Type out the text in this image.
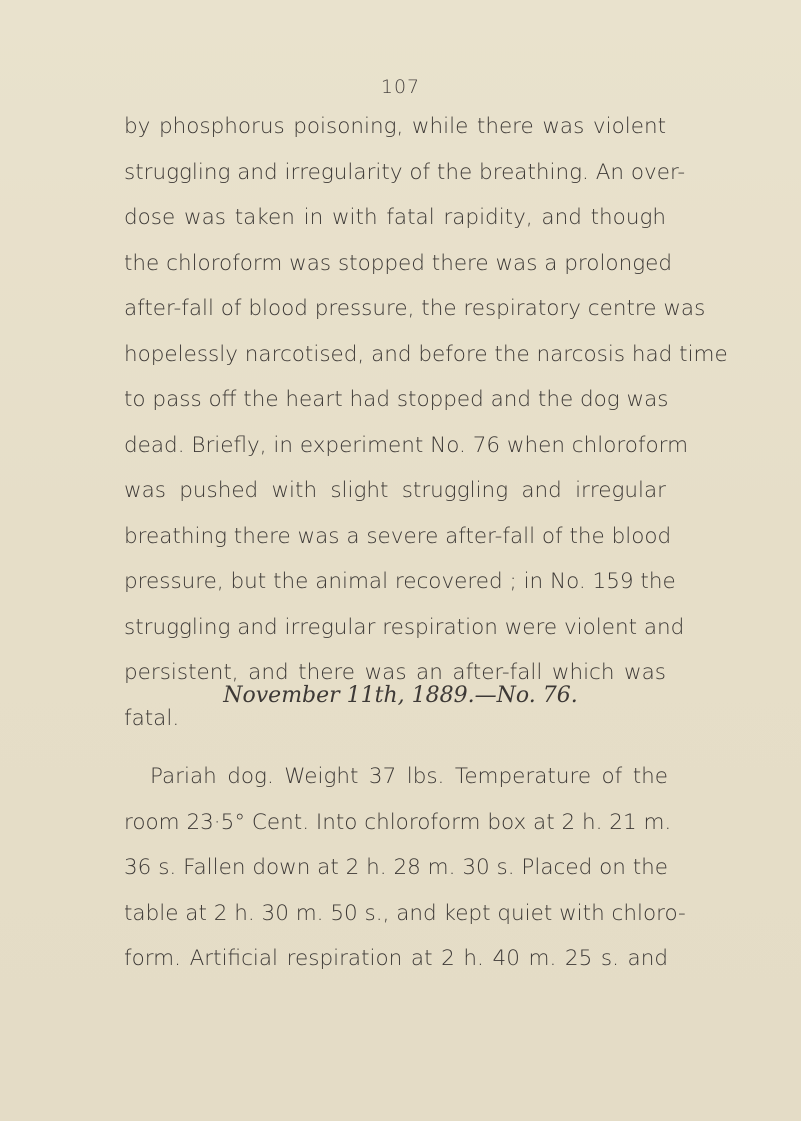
107
by phosphorus poisoning, while there was violent
struggling and irregularity of the breathing. An over-
dose was taken in with fatal rapidity, and though
the chloroform was stopped there was a prolonged
after-fall of blood pressure, the respiratory centre was
hopelessly narcotised, and before the narcosis had time
to pass off the heart had stopped and the dog was
dead. Briefly, in experiment No. 76 when chloroform
was pushed with slight struggling and irregular
breathing there was a severe after-fall of the blood
pressure, but the animal recovered ; in No. 159 the
struggling and irregular respiration were violent and
persistent, and there was an after-fall which was
fatal.
November 11th, 1889.—No. 76.
Pariah dog. Weight 37 lbs. Temperature of the
room 23·5° Cent. Into chloroform box at 2 h. 21 m.
36 s. Fallen down at 2 h. 28 m. 30 s. Placed on the
table at 2 h. 30 m. 50 s., and kept quiet with chloro-
form. Artificial respiration at 2 h. 40 m. 25 s. and
